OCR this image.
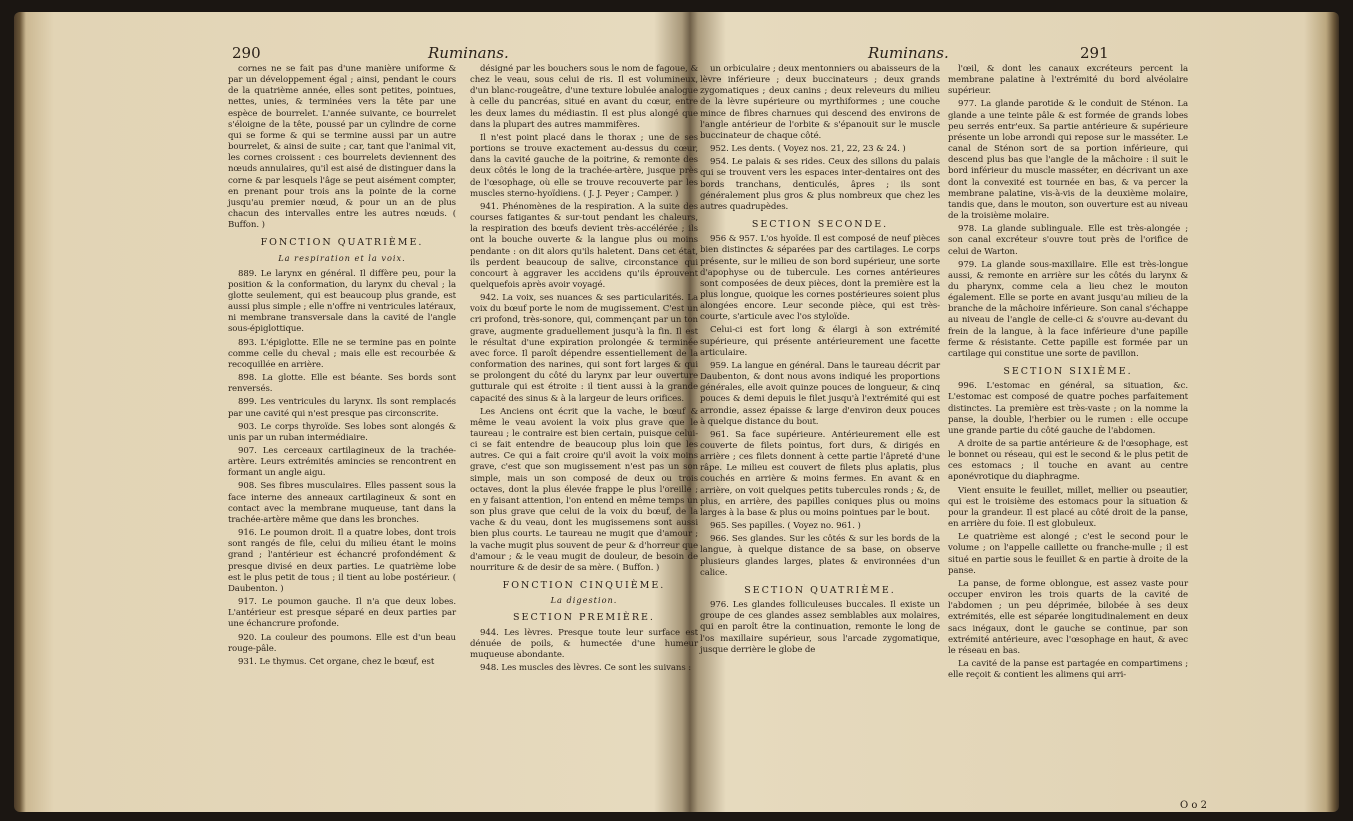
290	Ruminans.	Ruminans.	291

cornes ne se fait pas d'une manière uniforme & par un développement égal ; ainsi, pendant le cours de la quatrième année, elles sont petites, pointues, nettes, unies, & terminées vers la tête par une espèce de bourrelet. L'année suivante, ce bourrelet s'éloigne de la tête, poussé par un cylindre de corne qui se forme & qui se termine aussi par un autre bourrelet, & ainsi de suite ; car, tant que l'animal vit, les cornes croissent : ces bourrelets deviennent des nœuds annulaires, qu'il est aisé de distinguer dans la corne & par lesquels l'âge se peut aisément compter, en prenant pour trois ans la pointe de la corne jusqu'au premier nœud, & pour un an de plus chacun des intervalles entre les autres nœuds. ( Buffon. )

FONCTION QUATRIÈME.
La respiration et la voix.

889. Le larynx en général. Il diffère peu, pour la position & la conformation, du larynx du cheval ; la glotte seulement, qui est beaucoup plus grande, est aussi plus simple ; elle n'offre ni ventricules latéraux, ni membrane transversale dans la cavité de l'angle sous-épiglottique.

893. L'épiglotte. Elle ne se termine pas en pointe comme celle du cheval ; mais elle est recourbée & recoquillée en arrière.

898. La glotte. Elle est béante. Ses bords sont renversés.

899. Les ventricules du larynx. Ils sont remplacés par une cavité qui n'est presque pas circonscrite.

903. Le corps thyroïde. Ses lobes sont alongés & unis par un ruban intermédiaire.

907. Les cerceaux cartilagineux de la trachée-artère. Leurs extrémités amincies se rencontrent en formant un angle aigu.

908. Ses fibres musculaires. Elles passent sous la face interne des anneaux cartilagineux & sont en contact avec la membrane muqueuse, tant dans la trachée-artère même que dans les bronches.

916. Le poumon droit. Il a quatre lobes, dont trois sont rangés de file, celui du milieu étant le moins grand ; l'antérieur est échancré profondément & presque divisé en deux parties. Le quatrième lobe est le plus petit de tous ; il tient au lobe postérieur. ( Daubenton. )

917. Le poumon gauche. Il n'a que deux lobes. L'antérieur est presque séparé en deux parties par une échancrure profonde.

920. La couleur des poumons. Elle est d'un beau rouge-pâle.

931. Le thymus. Cet organe, chez le bœuf, est

désigné par les bouchers sous le nom de fagoue, & chez le veau, sous celui de ris. Il est volumineux, d'un blanc-rougeâtre, d'une texture lobulée analogue à celle du pancréas, situé en avant du cœur, entre les deux lames du médiastin. Il est plus alongé que dans la plupart des autres mammifères.

Il n'est point placé dans le thorax ; une de ses portions se trouve exactement au-dessus du cœur, dans la cavité gauche de la poitrine, & remonte des deux côtés le long de la trachée-artère, jusque près de l'œsophage, où elle se trouve recouverte par les muscles sterno-hyoïdiens. ( J. J. Peyer ; Camper. )

941. Phénomènes de la respiration. A la suite des courses fatigantes & sur-tout pendant les chaleurs, la respiration des bœufs devient très-accélérée ; ils ont la bouche ouverte & la langue plus ou moins pendante : on dit alors qu'ils haletent. Dans cet état, ils perdent beaucoup de salive, circonstance qui concourt à aggraver les accidens qu'ils éprouvent quelquefois après avoir voyagé.

942. La voix, ses nuances & ses particularités. La voix du bœuf porte le nom de mugissement. C'est un cri profond, très-sonore, qui, commençant par un ton grave, augmente graduellement jusqu'à la fin. Il est le résultat d'une expiration prolongée & terminée avec force. Il paroît dépendre essentiellement de la conformation des narines, qui sont fort larges & qui se prolongent du côté du larynx par leur ouverture gutturale qui est étroite : il tient aussi à la grande capacité des sinus & à la largeur de leurs orifices.

Les Anciens ont écrit que la vache, le bœuf & même le veau avoient la voix plus grave que le taureau ; le contraire est bien certain, puisque celui-ci se fait entendre de beaucoup plus loin que les autres. Ce qui a fait croire qu'il avoit la voix moins grave, c'est que son mugissement n'est pas un son simple, mais un son composé de deux ou trois octaves, dont la plus élevée frappe le plus l'oreille ; en y faisant attention, l'on entend en même temps un son plus grave que celui de la voix du bœuf, de la vache & du veau, dont les mugissemens sont aussi bien plus courts. Le taureau ne mugit que d'amour ; la vache mugit plus souvent de peur & d'horreur que d'amour ; & le veau mugit de douleur, de besoin de nourriture & de desir de sa mère. ( Buffon. )

FONCTION CINQUIÈME.
La digestion.
SECTION PREMIÈRE.

944. Les lèvres. Presque toute leur surface est dénuée de poils, & humectée d'une humeur muqueuse abondante.

948. Les muscles des lèvres. Ce sont les suivans :

un orbiculaire ; deux mentonniers ou abaisseurs de la lèvre inférieure ; deux buccinateurs ; deux grands zygomatiques ; deux canins ; deux releveurs du milieu de la lèvre supérieure ou myrthiformes ; une couche mince de fibres charnues qui descend des environs de l'angle antérieur de l'orbite & s'épanouit sur le muscle buccinateur de chaque côté.

952. Les dents. ( Voyez nos. 21, 22, 23 & 24. )

954. Le palais & ses rides. Ceux des sillons du palais qui se trouvent vers les espaces inter-dentaires ont des bords tranchans, denticulés, âpres ; ils sont généralement plus gros & plus nombreux que chez les autres quadrupèdes.

SECTION SECONDE.

956 & 957. L'os hyoïde. Il est composé de neuf pièces bien distinctes & séparées par des cartilages. Le corps présente, sur le milieu de son bord supérieur, une sorte d'apophyse ou de tubercule. Les cornes antérieures sont composées de deux pièces, dont la première est la plus longue, quoique les cornes postérieures soient plus alongées encore. Leur seconde pièce, qui est très-courte, s'articule avec l'os styloïde.

Celui-ci est fort long & élargi à son extrémité supérieure, qui présente antérieurement une facette articulaire.

959. La langue en général. Dans le taureau décrit par Daubenton, & dont nous avons indiqué les proportions générales, elle avoit quinze pouces de longueur, & cinq pouces & demi depuis le filet jusqu'à l'extrémité qui est arrondie, assez épaisse & large d'environ deux pouces à quelque distance du bout.

961. Sa face supérieure. Antérieurement elle est couverte de filets pointus, fort durs, & dirigés en arrière ; ces filets donnent à cette partie l'âpreté d'une râpe. Le milieu est couvert de filets plus aplatis, plus couchés en arrière & moins fermes. En avant & en arrière, on voit quelques petits tubercules ronds ; &, de plus, en arrière, des papilles coniques plus ou moins larges à la base & plus ou moins pointues par le bout.

965. Ses papilles. ( Voyez no. 961. )

966. Ses glandes. Sur les côtés & sur les bords de la langue, à quelque distance de sa base, on observe plusieurs glandes larges, plates & environnées d'un calice.

SECTION QUATRIÈME.

976. Les glandes folliculeuses buccales. Il existe un groupe de ces glandes assez semblables aux molaires, qui en paroît être la continuation, remonte le long de l'os maxillaire supérieur, sous l'arcade zygomatique, jusque derrière le globe de

l'œil, & dont les canaux excréteurs percent la membrane palatine à l'extrémité du bord alvéolaire supérieur.

977. La glande parotide & le conduit de Sténon. La glande a une teinte pâle & est formée de grands lobes peu serrés entr'eux. Sa partie antérieure & supérieure présente un lobe arrondi qui repose sur le masséter. Le canal de Sténon sort de sa portion inférieure, qui descend plus bas que l'angle de la mâchoire : il suit le bord inférieur du muscle masséter, en décrivant un axe dont la convexité est tournée en bas, & va percer la membrane palatine, vis-à-vis de la deuxième molaire, tandis que, dans le mouton, son ouverture est au niveau de la troisième molaire.

978. La glande sublinguale. Elle est très-alongée ; son canal excréteur s'ouvre tout près de l'orifice de celui de Warton.

979. La glande sous-maxillaire. Elle est très-longue aussi, & remonte en arrière sur les côtés du larynx & du pharynx, comme cela a lieu chez le mouton également. Elle se porte en avant jusqu'au milieu de la branche de la mâchoire inférieure. Son canal s'échappe au niveau de l'angle de celle-ci & s'ouvre au-devant du frein de la langue, à la face inférieure d'une papille ferme & résistante. Cette papille est formée par un cartilage qui constitue une sorte de pavillon.

SECTION SIXIÈME.

996. L'estomac en général, sa situation, &c. L'estomac est composé de quatre poches parfaitement distinctes. La première est très-vaste ; on la nomme la panse, la double, l'herbier ou le rumen : elle occupe une grande partie du côté gauche de l'abdomen.

A droite de sa partie antérieure & de l'œsophage, est le bonnet ou réseau, qui est le second & le plus petit de ces estomacs ; il touche en avant au centre aponévrotique du diaphragme.

Vient ensuite le feuillet, millet, mellier ou pseautier, qui est le troisième des estomacs pour la situation & pour la grandeur. Il est placé au côté droit de la panse, en arrière du foie. Il est globuleux.

Le quatrième est alongé ; c'est le second pour le volume ; on l'appelle caillette ou franche-mulle ; il est situé en partie sous le feuillet & en partie à droite de la panse.

La panse, de forme oblongue, est assez vaste pour occuper environ les trois quarts de la cavité de l'abdomen ; un peu déprimée, bilobée à ses deux extrémités, elle est séparée longitudinalement en deux sacs inégaux, dont le gauche se continue, par son extrémité antérieure, avec l'œsophage en haut, & avec le réseau en bas.

La cavité de la panse est partagée en compartimens ; elle reçoit & contient les alimens qui arri-

O o 2
